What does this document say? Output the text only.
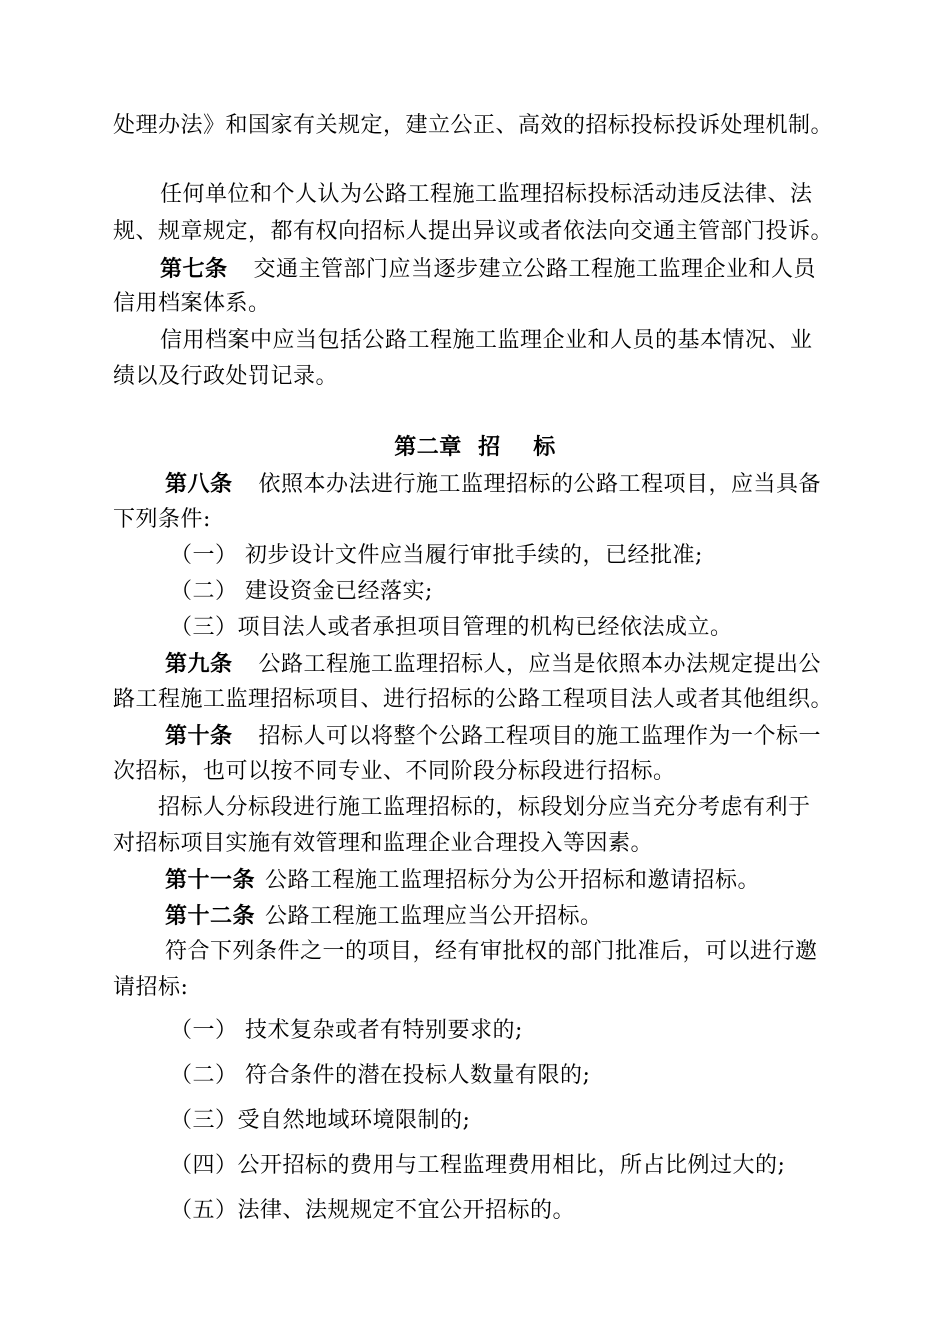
处理办法》和国家有关规定，建立公正、高效的招标投标投诉处理机制。
任何单位和个人认为公路工程施工监理招标投标活动违反法律、法
规、规章规定，都有权向招标人提出异议或者依法向交通主管部门投诉。
第七条 交通主管部门应当逐步建立公路工程施工监理企业和人员
信用档案体系。
信用档案中应当包括公路工程施工监理企业和人员的基本情况、业
绩以及行政处罚记录。
第二章  招    标
第八条 依照本办法进行施工监理招标的公路工程项目，应当具备
下列条件:
（一） 初步设计文件应当履行审批手续的，已经批准;
（二） 建设资金已经落实;
（三）项目法人或者承担项目管理的机构已经依法成立。
第九条 公路工程施工监理招标人，应当是依照本办法规定提出公
路工程施工监理招标项目、进行招标的公路工程项目法人或者其他组织。
第十条 招标人可以将整个公路工程项目的施工监理作为一个标一
次招标，也可以按不同专业、不同阶段分标段进行招标。
招标人分标段进行施工监理招标的，标段划分应当充分考虑有利于
对招标项目实施有效管理和监理企业合理投入等因素。
第十一条 公路工程施工监理招标分为公开招标和邀请招标。
第十二条 公路工程施工监理应当公开招标。
符合下列条件之一的项目，经有审批权的部门批准后，可以进行邀
请招标:
（一） 技术复杂或者有特别要求的;
（二） 符合条件的潜在投标人数量有限的;
（三）受自然地域环境限制的;
（四）公开招标的费用与工程监理费用相比，所占比例过大的;
（五）法律、法规规定不宜公开招标的。
